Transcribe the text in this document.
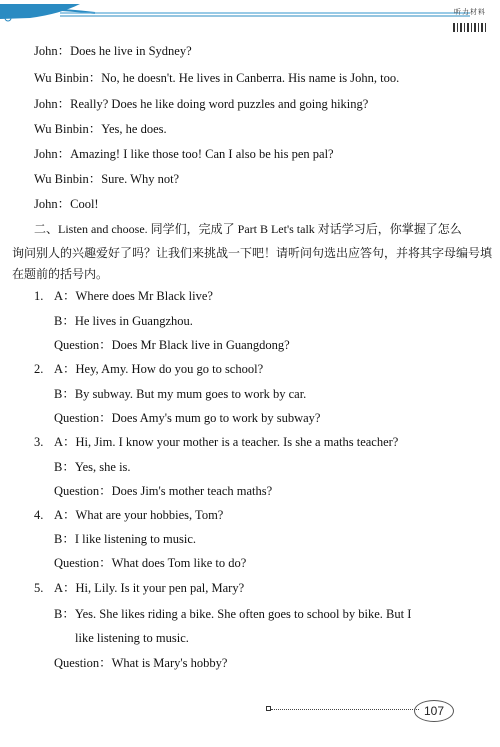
听力材料
John：Does he live in Sydney?
Wu Binbin：No, he doesn't. He lives in Canberra. His name is John, too.
John：Really? Does he like doing word puzzles and going hiking?
Wu Binbin：Yes, he does.
John：Amazing! I like those too! Can I also be his pen pal?
Wu Binbin：Sure. Why not?
John：Cool!
二、Listen and choose. 同学们，完成了 Part B Let's talk 对话学习后，你掌握了怎么
询问别人的兴趣爱好了吗？让我们来挑战一下吧！请听问句选出应答句，并将其字母编号填
在题前的括号内。
1. A：Where does Mr Black live?
B：He lives in Guangzhou.
Question：Does Mr Black live in Guangdong?
2. A：Hey, Amy. How do you go to school?
B：By subway. But my mum goes to work by car.
Question：Does Amy's mum go to work by subway?
3. A：Hi, Jim. I know your mother is a teacher. Is she a maths teacher?
B：Yes, she is.
Question：Does Jim's mother teach maths?
4. A：What are your hobbies, Tom?
B：I like listening to music.
Question：What does Tom like to do?
5. A：Hi, Lily. Is it your pen pal, Mary?
B：Yes. She likes riding a bike. She often goes to school by bike. But I
like listening to music.
Question：What is Mary's hobby?
107
